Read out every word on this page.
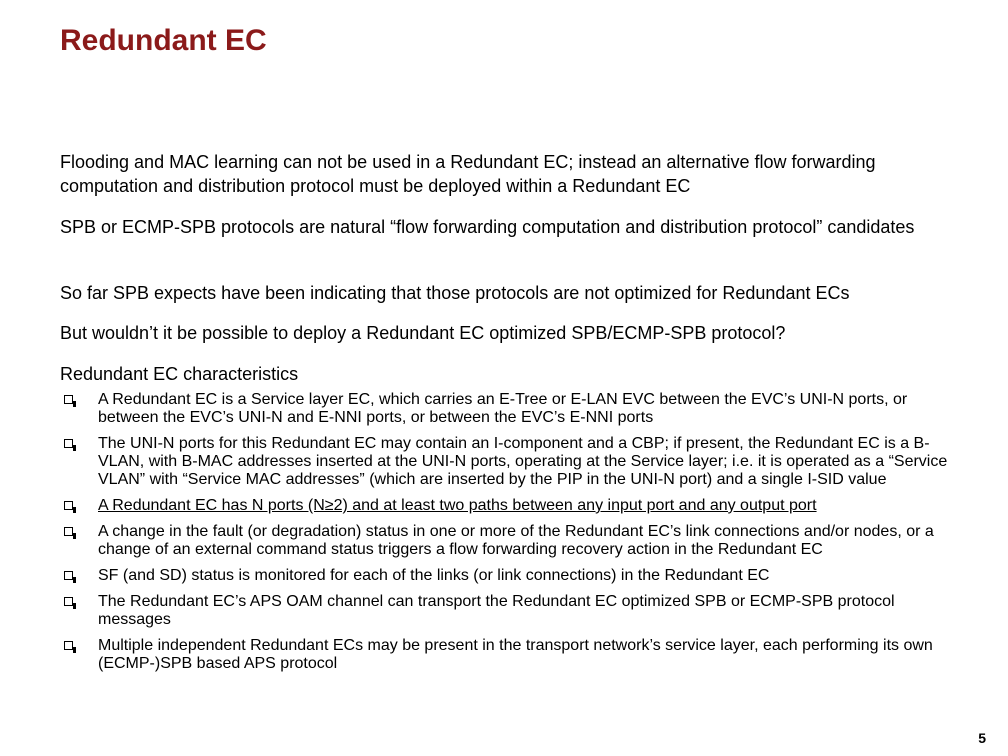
Redundant EC
Flooding and MAC learning can not be used in a Redundant EC; instead an alternative flow forwarding computation and distribution protocol must be deployed within a Redundant EC
SPB or ECMP-SPB protocols are natural “flow forwarding computation and distribution protocol” candidates
So far SPB expects have been indicating that those protocols are not optimized for Redundant ECs
But wouldn’t it be possible to deploy a Redundant EC optimized SPB/ECMP-SPB protocol?
Redundant EC characteristics
A Redundant EC is a Service layer EC, which carries an E-Tree or E-LAN EVC between the EVC’s UNI-N ports, or between the EVC’s UNI-N and E-NNI ports, or between the EVC’s E-NNI ports
The UNI-N ports for this Redundant EC may contain an I-component and a CBP; if present, the Redundant EC is a B-VLAN, with B-MAC addresses inserted at the UNI-N ports, operating at the Service layer; i.e. it is operated as a “Service VLAN” with “Service MAC addresses” (which are inserted by the PIP in the UNI-N port) and a single I-SID value
A Redundant EC has N ports (N≥2) and at least two paths between any input port and any output port
A change in the fault (or degradation) status in one or more of the Redundant EC’s link connections and/or nodes, or a change of an external command status triggers a flow forwarding recovery action in the Redundant EC
SF (and SD) status is monitored for each of the links (or link connections) in the Redundant EC
The Redundant EC’s APS OAM channel can transport the Redundant EC optimized SPB or ECMP-SPB protocol messages
Multiple independent Redundant ECs may be present in the transport network’s service layer, each performing its own (ECMP-)SPB based APS protocol
5
